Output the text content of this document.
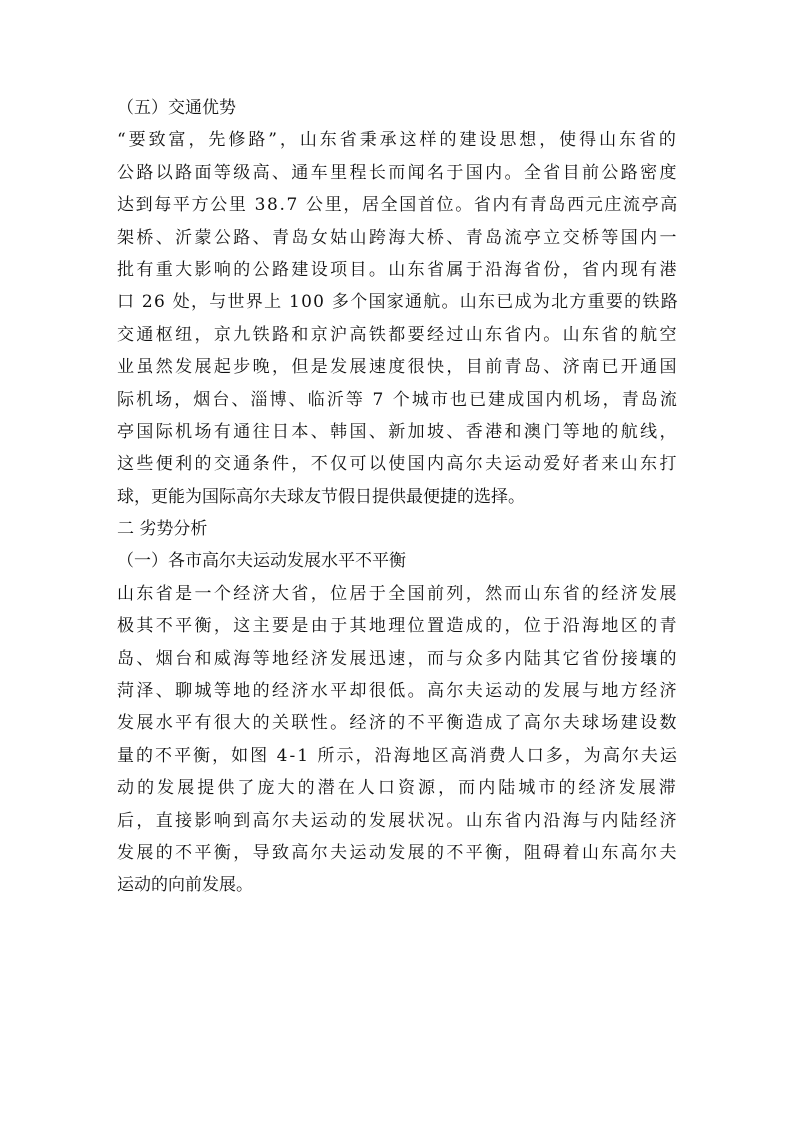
（五）交通优势
“要致富，先修路”，山东省秉承这样的建设思想，使得山东省的
公路以路面等级高、通车里程长而闻名于国内。全省目前公路密度
达到每平方公里 38.7 公里，居全国首位。省内有青岛西元庄流亭高
架桥、沂蒙公路、青岛女姑山跨海大桥、青岛流亭立交桥等国内一
批有重大影响的公路建设项目。山东省属于沿海省份，省内现有港
口 26 处，与世界上 100 多个国家通航。山东已成为北方重要的铁路
交通枢纽，京九铁路和京沪高铁都要经过山东省内。山东省的航空
业虽然发展起步晚，但是发展速度很快，目前青岛、济南已开通国
际机场，烟台、淄博、临沂等 7 个城市也已建成国内机场，青岛流
亭国际机场有通往日本、韩国、新加坡、香港和澳门等地的航线，
这些便利的交通条件，不仅可以使国内高尔夫运动爱好者来山东打
球，更能为国际高尔夫球友节假日提供最便捷的选择。
二 劣势分析
（一）各市高尔夫运动发展水平不平衡
山东省是一个经济大省，位居于全国前列，然而山东省的经济发展
极其不平衡，这主要是由于其地理位置造成的，位于沿海地区的青
岛、烟台和威海等地经济发展迅速，而与众多内陆其它省份接壤的
菏泽、聊城等地的经济水平却很低。高尔夫运动的发展与地方经济
发展水平有很大的关联性。经济的不平衡造成了高尔夫球场建设数
量的不平衡，如图 4-1 所示，沿海地区高消费人口多，为高尔夫运
动的发展提供了庞大的潜在人口资源，而内陆城市的经济发展滞
后，直接影响到高尔夫运动的发展状况。山东省内沿海与内陆经济
发展的不平衡，导致高尔夫运动发展的不平衡，阻碍着山东高尔夫
运动的向前发展。
